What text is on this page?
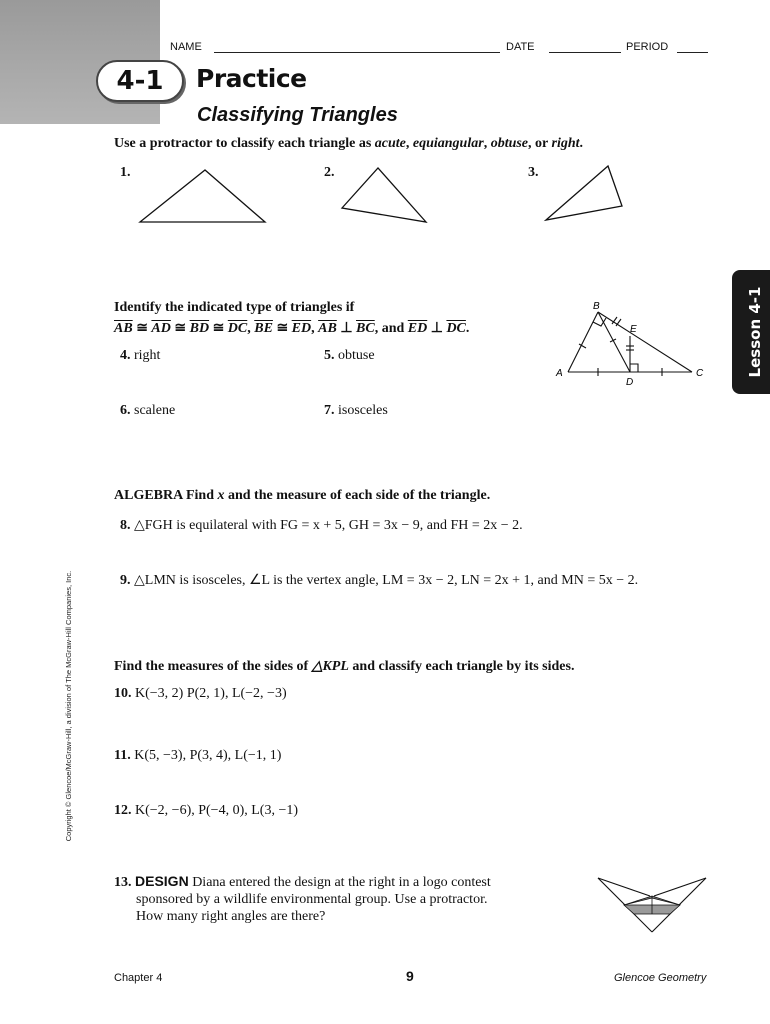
NAME	DATE	PERIOD
4-1	Practice
Classifying Triangles
Lesson 4-1
Copyright © Glencoe/McGraw-Hill, a division of The McGraw-Hill Companies, Inc.
Use a protractor to classify each triangle as acute, equiangular, obtuse, or right.
1.	2.	3.
Identify the indicated type of triangles if
$\overline{AB}$ ≅ $\overline{AD}$ ≅ $\overline{BD}$ ≅ $\overline{DC}$, $\overline{BE}$ ≅ $\overline{ED}$, $\overline{AB}$ ⊥ $\overline{BC}$, and $\overline{ED}$ ⊥ $\overline{DC}$.
4. right	5. obtuse
6. scalene	7. isosceles
B
E
A
D
C
ALGEBRA Find x and the measure of each side of the triangle.
8. △FGH is equilateral with FG = x + 5, GH = 3x − 9, and FH = 2x − 2.
9. △LMN is isosceles, ∠L is the vertex angle, LM = 3x − 2, LN = 2x + 1, and MN = 5x − 2.
Find the measures of the sides of △KPL and classify each triangle by its sides.
10. K(−3, 2) P(2, 1), L(−2, −3)
11. K(5, −3), P(3, 4), L(−1, 1)
12. K(−2, −6), P(−4, 0), L(3, −1)
13. DESIGN Diana entered the design at the right in a logo contest
sponsored by a wildlife environmental group. Use a protractor.
How many right angles are there?
Chapter 4	9	Glencoe Geometry
